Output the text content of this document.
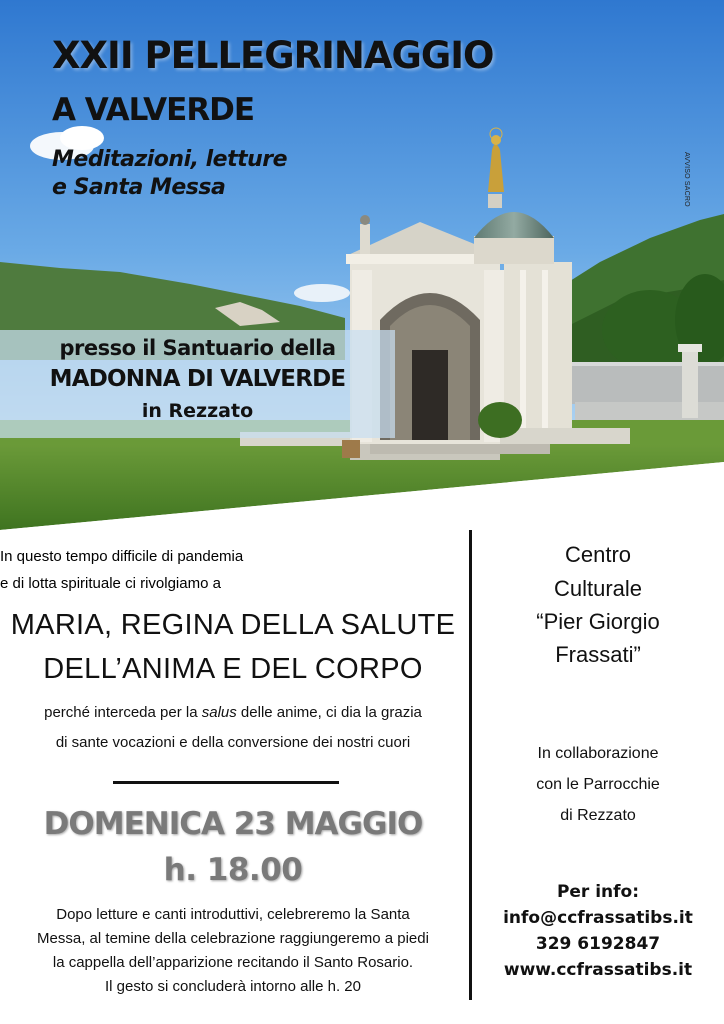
XXII PELLEGRINAGGIO
A VALVERDE
Meditazioni, letture
e Santa Messa	AVVISO SACRO
presso il Santuario della
MADONNA DI VALVERDE
in Rezzato
In questo tempo difficile di pandemia
e di lotta spirituale ci rivolgiamo a
MARIA, REGINA DELLA SALUTE
DELL’ANIMA E DEL CORPO
perché interceda per la salus delle anime, ci dia la grazia
di sante vocazioni e della conversione dei nostri cuori
DOMENICA 23 MAGGIO
h. 18.00
Dopo letture e canti introduttivi, celebreremo la Santa
Messa, al temine della celebrazione raggiungeremo a piedi
la cappella dell’apparizione recitando il Santo Rosario.
Il gesto si concluderà intorno alle h. 20
Centro
Culturale
“Pier Giorgio
Frassati”
In collaborazione
con le Parrocchie
di Rezzato
Per info:
info@ccfrassatibs.it
329 6192847
www.ccfrassatibs.it
